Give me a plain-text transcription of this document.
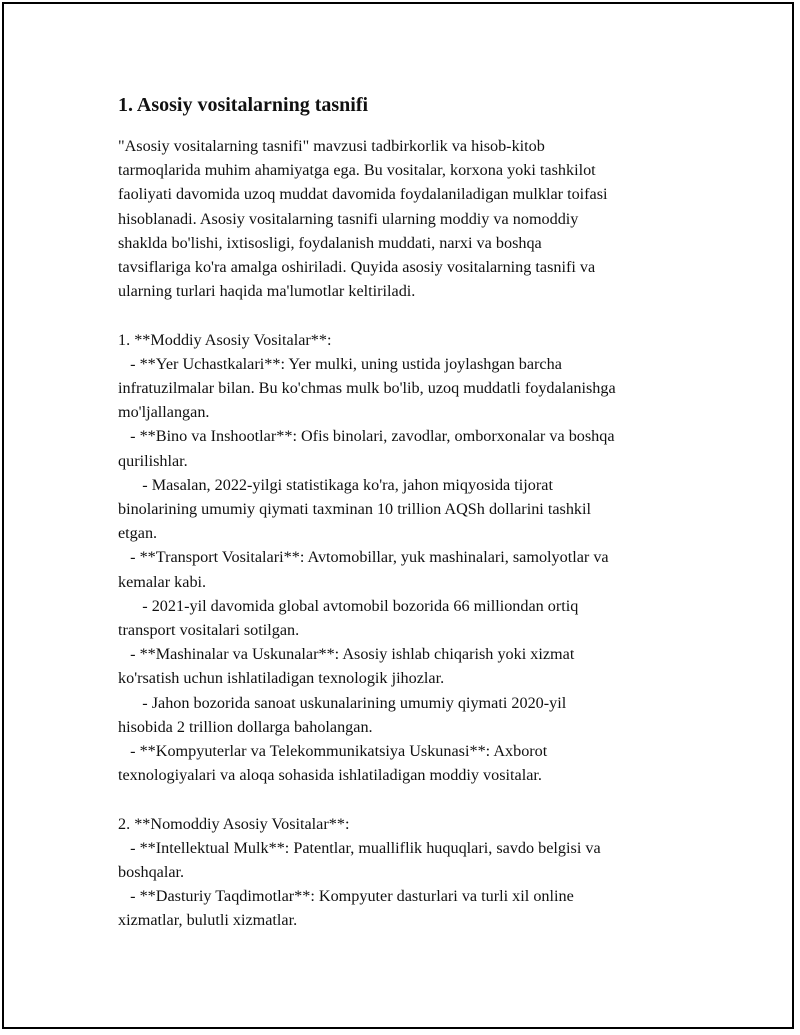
1. Asosiy vositalarning tasnifi
"Asosiy vositalarning tasnifi" mavzusi tadbirkorlik va hisob-kitob
tarmoqlarida muhim ahamiyatga ega. Bu vositalar, korxona yoki tashkilot
faoliyati davomida uzoq muddat davomida foydalaniladigan mulklar toifasi
hisoblanadi. Asosiy vositalarning tasnifi ularning moddiy va nomoddiy
shaklda bo'lishi, ixtisosligi, foydalanish muddati, narxi va boshqa
tavsiflariga ko'ra amalga oshiriladi. Quyida asosiy vositalarning tasnifi va
ularning turlari haqida ma'lumotlar keltiriladi.
1. **Moddiy Asosiy Vositalar**:
- **Yer Uchastkalari**: Yer mulki, uning ustida joylashgan barcha
infratuzilmalar bilan. Bu ko'chmas mulk bo'lib, uzoq muddatli foydalanishga
mo'ljallangan.
- **Bino va Inshootlar**: Ofis binolari, zavodlar, omborxonalar va boshqa
qurilishlar.
- Masalan, 2022-yilgi statistikaga ko'ra, jahon miqyosida tijorat
binolarining umumiy qiymati taxminan 10 trillion AQSh dollarini tashkil
etgan.
- **Transport Vositalari**: Avtomobillar, yuk mashinalari, samolyotlar va
kemalar kabi.
- 2021-yil davomida global avtomobil bozorida 66 milliondan ortiq
transport vositalari sotilgan.
- **Mashinalar va Uskunalar**: Asosiy ishlab chiqarish yoki xizmat
ko'rsatish uchun ishlatiladigan texnologik jihozlar.
- Jahon bozorida sanoat uskunalarining umumiy qiymati 2020-yil
hisobida 2 trillion dollarga baholangan.
- **Kompyuterlar va Telekommunikatsiya Uskunasi**: Axborot
texnologiyalari va aloqa sohasida ishlatiladigan moddiy vositalar.
2. **Nomoddiy Asosiy Vositalar**:
- **Intellektual Mulk**: Patentlar, mualliflik huquqlari, savdo belgisi va
boshqalar.
- **Dasturiy Taqdimotlar**: Kompyuter dasturlari va turli xil online
xizmatlar, bulutli xizmatlar.
